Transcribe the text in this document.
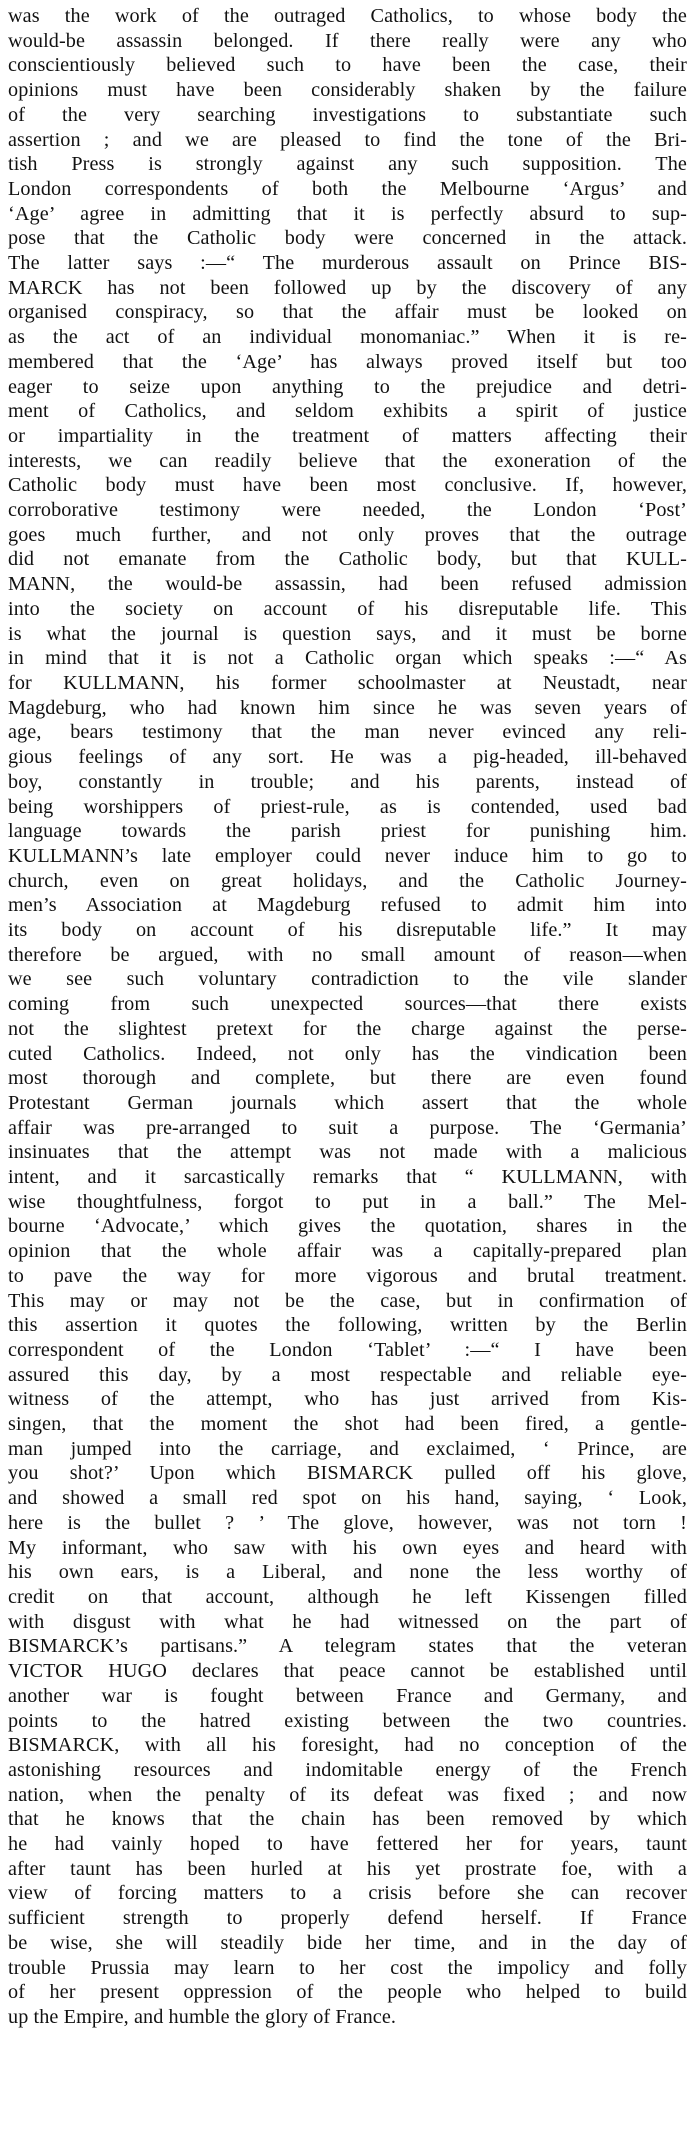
was the work of the outraged Catholics, to whose body the
would-be assassin belonged. If there really were any who
conscientiously believed such to have been the case, their
opinions must have been considerably shaken by the failure
of the very searching investigations to substantiate such
assertion ; and we are pleased to find the tone of the Bri-
tish Press is strongly against any such supposition. The
London correspondents of both the Melbourne ‘Argus’ and
‘Age’ agree in admitting that it is perfectly absurd to sup-
pose that the Catholic body were concerned in the attack.
The latter says :—“ The murderous assault on Prince BIS-
MARCK has not been followed up by the discovery of any
organised conspiracy, so that the affair must be looked on
as the act of an individual monomaniac.” When it is re-
membered that the ‘Age’ has always proved itself but too
eager to seize upon anything to the prejudice and detri-
ment of Catholics, and seldom exhibits a spirit of justice
or impartiality in the treatment of matters affecting their
interests, we can readily believe that the exoneration of the
Catholic body must have been most conclusive. If, however,
corroborative testimony were needed, the London ‘Post’
goes much further, and not only proves that the outrage
did not emanate from the Catholic body, but that KULL-
MANN, the would-be assassin, had been refused admission
into the society on account of his disreputable life. This
is what the journal is question says, and it must be borne
in mind that it is not a Catholic organ which speaks :—“ As
for KULLMANN, his former schoolmaster at Neustadt, near
Magdeburg, who had known him since he was seven years of
age, bears testimony that the man never evinced any reli-
gious feelings of any sort. He was a pig-headed, ill-behaved
boy, constantly in trouble; and his parents, instead of
being worshippers of priest-rule, as is contended, used bad
language towards the parish priest for punishing him.
KULLMANN’s late employer could never induce him to go to
church, even on great holidays, and the Catholic Journey-
men’s Association at Magdeburg refused to admit him into
its body on account of his disreputable life.” It may
therefore be argued, with no small amount of reason—when
we see such voluntary contradiction to the vile slander
coming from such unexpected sources—that there exists
not the slightest pretext for the charge against the perse-
cuted Catholics. Indeed, not only has the vindication been
most thorough and complete, but there are even found
Protestant German journals which assert that the whole
affair was pre-arranged to suit a purpose. The ‘Germania’
insinuates that the attempt was not made with a malicious
intent, and it sarcastically remarks that “ KULLMANN, with
wise thoughtfulness, forgot to put in a ball.” The Mel-
bourne ‘Advocate,’ which gives the quotation, shares in the
opinion that the whole affair was a capitally-prepared plan
to pave the way for more vigorous and brutal treatment.
This may or may not be the case, but in confirmation of
this assertion it quotes the following, written by the Berlin
correspondent of the London ‘Tablet’ :—“ I have been
assured this day, by a most respectable and reliable eye-
witness of the attempt, who has just arrived from Kis-
singen, that the moment the shot had been fired, a gentle-
man jumped into the carriage, and exclaimed, ‘ Prince, are
you shot?’ Upon which BISMARCK pulled off his glove,
and showed a small red spot on his hand, saying, ‘ Look,
here is the bullet ? ’ The glove, however, was not torn !
My informant, who saw with his own eyes and heard with
his own ears, is a Liberal, and none the less worthy of
credit on that account, although he left Kissengen filled
with disgust with what he had witnessed on the part of
BISMARCK’s partisans.” A telegram states that the veteran
VICTOR HUGO declares that peace cannot be established until
another war is fought between France and Germany, and
points to the hatred existing between the two countries.
BISMARCK, with all his foresight, had no conception of the
astonishing resources and indomitable energy of the French
nation, when the penalty of its defeat was fixed ; and now
that he knows that the chain has been removed by which
he had vainly hoped to have fettered her for years, taunt
after taunt has been hurled at his yet prostrate foe, with a
view of forcing matters to a crisis before she can recover
sufficient strength to properly defend herself. If France
be wise, she will steadily bide her time, and in the day of
trouble Prussia may learn to her cost the impolicy and folly
of her present oppression of the people who helped to build
up the Empire, and humble the glory of France.
